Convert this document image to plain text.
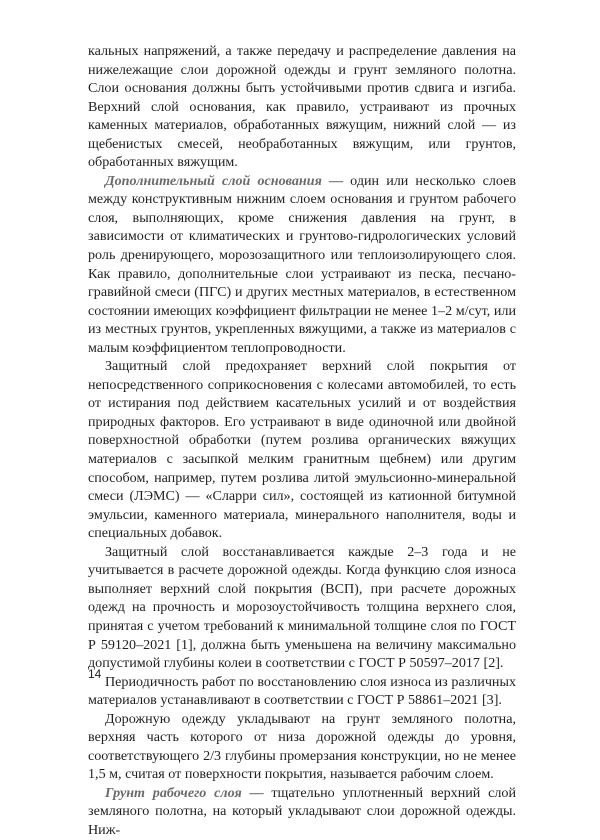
кальных напряжений, а также передачу и распределение давления на нижележащие слои дорожной одежды и грунт земляного полотна. Слои основания должны быть устойчивыми против сдвига и изгиба. Верхний слой основания, как правило, устраивают из прочных каменных материалов, обработанных вяжущим, нижний слой — из щебенистых смесей, необработанных вяжущим, или грунтов, обработанных вяжущим.

Дополнительный слой основания — один или несколько слоев между конструктивным нижним слоем основания и грунтом рабочего слоя, выполняющих, кроме снижения давления на грунт, в зависимости от климатических и грунтово-гидрологических условий роль дренирующего, морозозащитного или теплоизолирующего слоя. Как правило, дополнительные слои устраивают из песка, песчано-гравийной смеси (ПГС) и других местных материалов, в естественном состоянии имеющих коэффициент фильтрации не менее 1–2 м/сут, или из местных грунтов, укрепленных вяжущими, а также из материалов с малым коэффициентом теплопроводности.

Защитный слой предохраняет верхний слой покрытия от непосредственного соприкосновения с колесами автомобилей, то есть от истирания под действием касательных усилий и от воздействия природных факторов. Его устраивают в виде одиночной или двойной поверхностной обработки (путем розлива органических вяжущих материалов с засыпкой мелким гранитным щебнем) или другим способом, например, путем розлива литой эмульсионно-минеральной смеси (ЛЭМС) — «Сларри сил», состоящей из катионной битумной эмульсии, каменного материала, минерального наполнителя, воды и специальных добавок.

Защитный слой восстанавливается каждые 2–3 года и не учитывается в расчете дорожной одежды. Когда функцию слоя износа выполняет верхний слой покрытия (ВСП), при расчете дорожных одежд на прочность и морозоустойчивость толщина верхнего слоя, принятая с учетом требований к минимальной толщине слоя по ГОСТ Р 59120–2021 [1], должна быть уменьшена на величину максимально допустимой глубины колеи в соответствии с ГОСТ Р 50597–2017 [2].

Периодичность работ по восстановлению слоя износа из различных материалов устанавливают в соответствии с ГОСТ Р 58861–2021 [3].

Дорожную одежду укладывают на грунт земляного полотна, верхняя часть которого от низа дорожной одежды до уровня, соответствующего 2/3 глубины промерзания конструкции, но не менее 1,5 м, считая от поверхности покрытия, называется рабочим слоем.

Грунт рабочего слоя — тщательно уплотненный верхний слой земляного полотна, на который укладывают слои дорожной одежды. Ниж-

14
